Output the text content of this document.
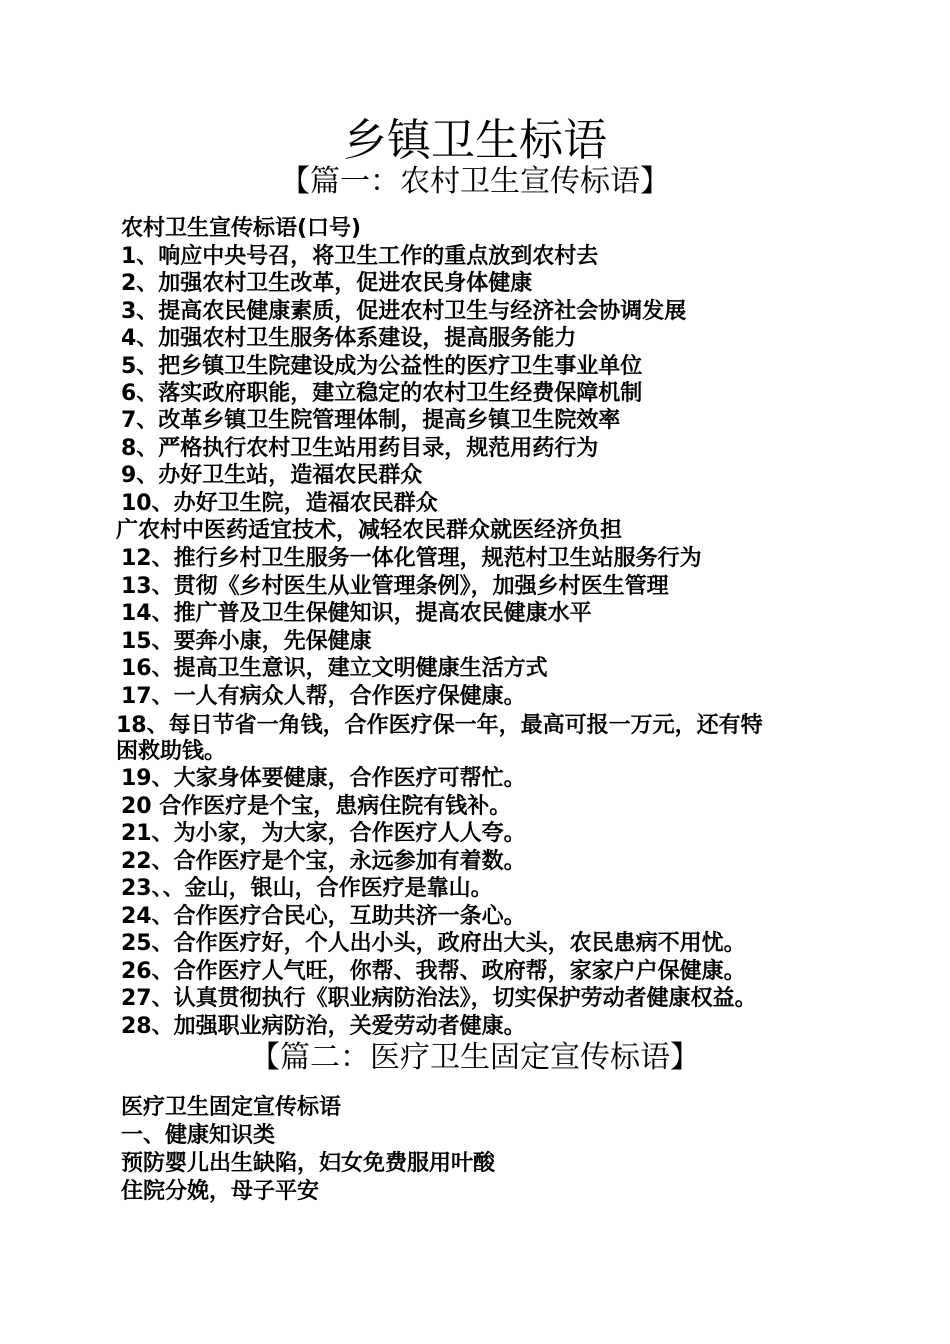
乡镇卫生标语
【篇一：农村卫生宣传标语】

农村卫生宣传标语(口号)

1、响应中央号召，将卫生工作的重点放到农村去

2、加强农村卫生改革，促进农民身体健康

3、提高农民健康素质，促进农村卫生与经济社会协调发展

4、加强农村卫生服务体系建设，提高服务能力

5、把乡镇卫生院建设成为公益性的医疗卫生事业单位

6、落实政府职能，建立稳定的农村卫生经费保障机制

7、改革乡镇卫生院管理体制，提高乡镇卫生院效率

8、严格执行农村卫生站用药目录，规范用药行为

9、办好卫生站，造福农民群众

10、办好卫生院，造福农民群众

广农村中医药适宜技术，减轻农民群众就医经济负担

12、推行乡村卫生服务一体化管理，规范村卫生站服务行为

13、贯彻《乡村医生从业管理条例》，加强乡村医生管理

14、推广普及卫生保健知识，提高农民健康水平

15、要奔小康，先保健康

16、提高卫生意识，建立文明健康生活方式

17、一人有病众人帮，合作医疗保健康。

18、每日节省一角钱，合作医疗保一年，最高可报一万元，还有特

困救助钱。

19、大家身体要健康，合作医疗可帮忙。

20 合作医疗是个宝，患病住院有钱补。

21、为小家，为大家，合作医疗人人夸。

22、合作医疗是个宝，永远参加有着数。

23、、金山，银山，合作医疗是靠山。

24、合作医疗合民心，互助共济一条心。

25、合作医疗好，个人出小头，政府出大头，农民患病不用忧。

26、合作医疗人气旺，你帮、我帮、政府帮，家家户户保健康。

27、认真贯彻执行《职业病防治法》，切实保护劳动者健康权益。

28、加强职业病防治，关爱劳动者健康。

【篇二：医疗卫生固定宣传标语】

医疗卫生固定宣传标语

一、健康知识类

预防婴儿出生缺陷，妇女免费服用叶酸

住院分娩，母子平安
